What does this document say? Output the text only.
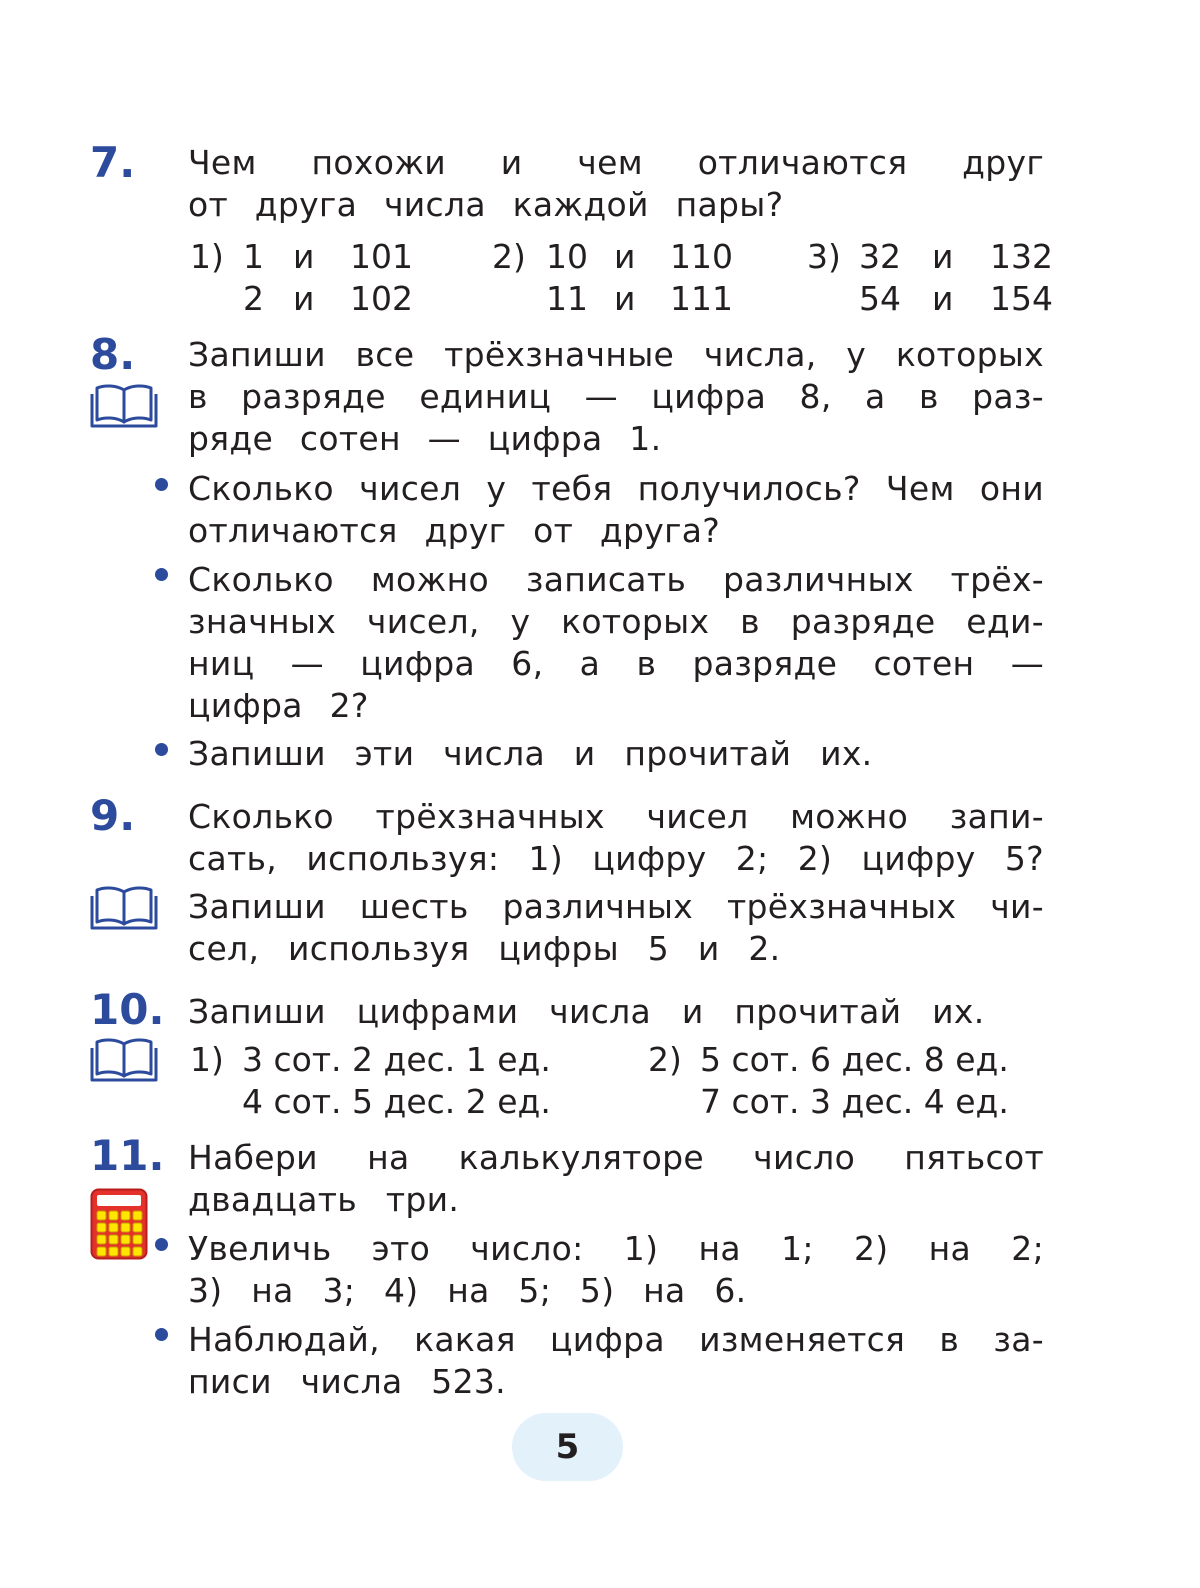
7. Чем похожи и чем отличаются друг
от друга числа каждой пары?
1) 1 и 101
2 и 102
2) 10 и 110
11 и 111
3) 32 и 132
54 и 154
8. Запиши все трёхзначные числа, у которых
в разряде единиц — цифра 8, а в раз-
ряде сотен — цифра 1.
Сколько чисел у тебя получилось? Чем они
отличаются друг от друга?
Сколько можно записать различных трёх-
значных чисел, у которых в разряде еди-
ниц — цифра 6, а в разряде сотен —
цифра 2?
Запиши эти числа и прочитай их.
9. Сколько трёхзначных чисел можно запи-
сать, используя: 1) цифру 2; 2) цифру 5?
Запиши шесть различных трёхзначных чи-
сел, используя цифры 5 и 2.
10. Запиши цифрами числа и прочитай их.
1) 3 сот. 2 дес. 1 ед.
4 сот. 5 дес. 2 ед.
2) 5 сот. 6 дес. 8 ед.
7 сот. 3 дес. 4 ед.
11. Набери на калькуляторе число пятьсот
двадцать три.
Увеличь это число: 1) на 1; 2) на 2;
3) на 3; 4) на 5; 5) на 6.
Наблюдай, какая цифра изменяется в за-
писи числа 523.
5
